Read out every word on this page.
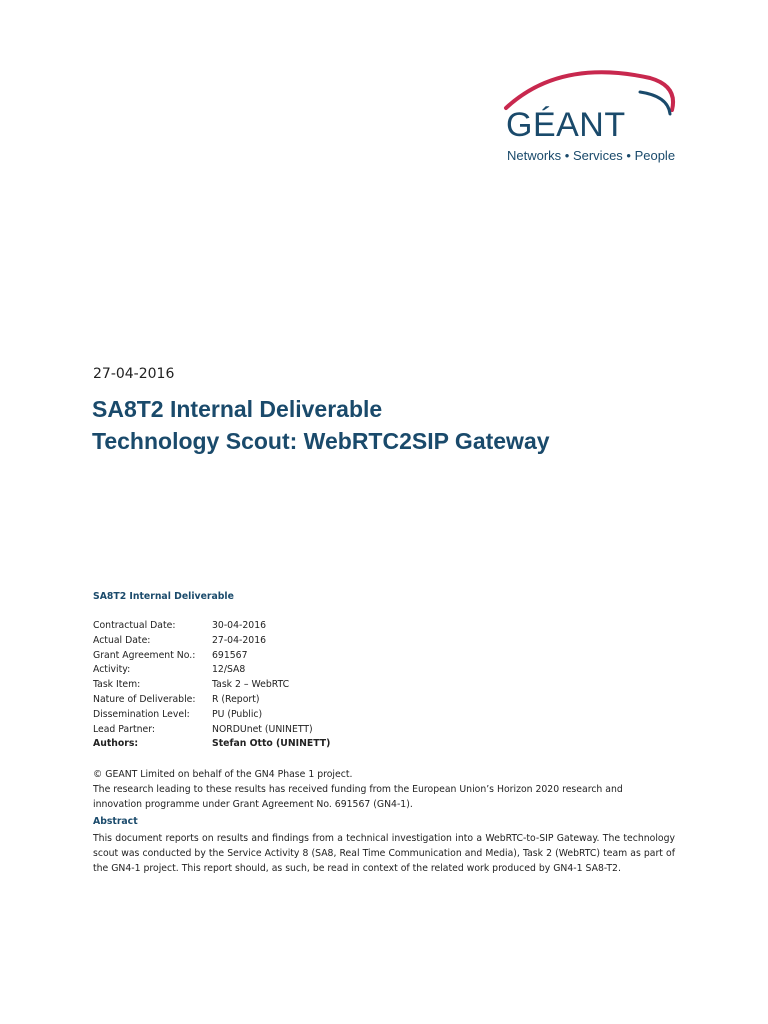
GÉANT
Networks • Services • People
27-04-2016
SA8T2 Internal Deliverable
Technology Scout: WebRTC2SIP Gateway
SA8T2 Internal Deliverable
Contractual Date:	30-04-2016
Actual Date:	27-04-2016
Grant Agreement No.:	691567
Activity:	12/SA8
Task Item:	Task 2 – WebRTC
Nature of Deliverable:	R (Report)
Dissemination Level:	PU (Public)
Lead Partner:	NORDUnet (UNINETT)
Authors:	Stefan Otto (UNINETT)
© GEANT Limited on behalf of the GN4 Phase 1 project.
The research leading to these results has received funding from the European Union’s Horizon 2020 research and innovation programme under Grant Agreement No. 691567 (GN4-1).
Abstract
This document reports on results and findings from a technical investigation into a WebRTC-to-SIP Gateway. The technology scout was conducted by the Service Activity 8 (SA8, Real Time Communication and Media), Task 2 (WebRTC) team as part of the GN4-1 project. This report should, as such, be read in context of the related work produced by GN4-1 SA8-T2.
